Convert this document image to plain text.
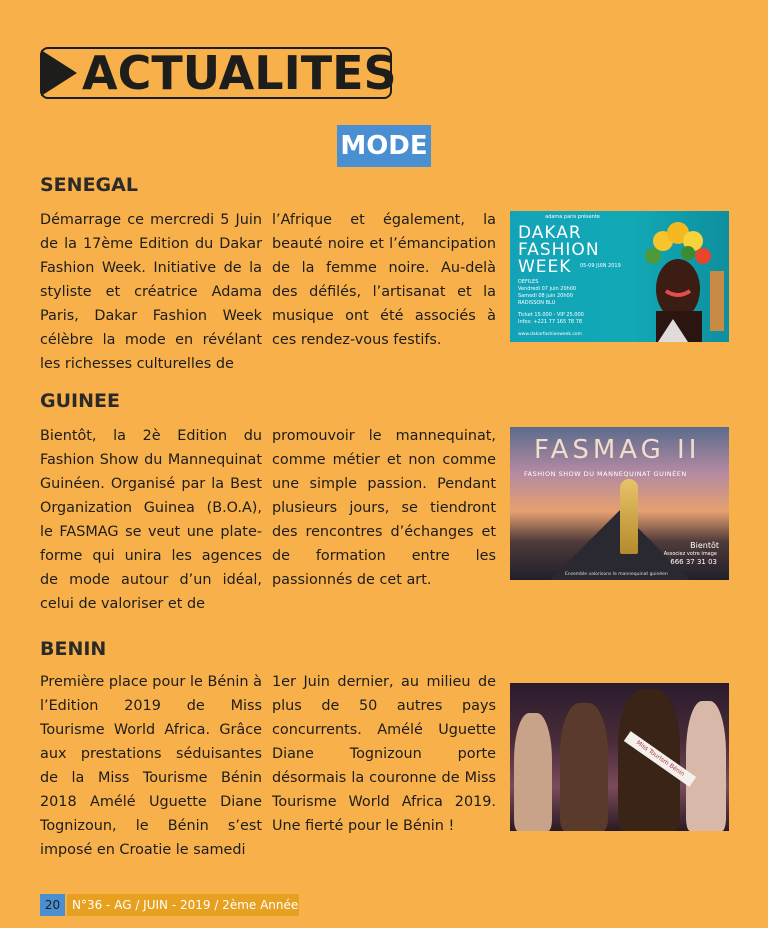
ACTUALITES
MODE
SENEGAL
Démarrage ce mercredi 5 Juin de la 17ème Edition du Dakar Fashion Week. Initiative de la styliste et créatrice Adama Paris, Dakar Fashion Week célèbre la mode en révélant les richesses culturelles de
l’Afrique et également, la beauté noire et l’émancipation de la femme noire. Au-delà des défilés, l’artisanat et la musique ont été associés à ces rendez-vous festifs.
adama paris présente
DAKAR
FASHION
WEEK	05-09 JUIN 2019
DEFILES
Vendredi 07 juin 20h00
Samedi 08 juin 20h00
RADISSON BLU
Ticket 15.000 - VIP 25.000
Infos: +221 77 165 78 78
www.dakarfashionweek.com
GUINEE
Bientôt, la 2è Edition du Fashion Show du Mannequinat Guinéen. Organisé par la Best Organization Guinea (B.O.A), le FASMAG se veut une plate-forme qui unira les agences de mode autour d’un idéal, celui de valoriser et de
promouvoir le mannequinat, comme métier et non comme une simple passion. Pendant plusieurs jours, se tiendront des rencontres d’échanges et de formation entre les passionnés de cet art.
FASMAG II
FASHION SHOW DU MANNEQUINAT GUINÉEN
Bientôt
Associez votre image
666 37 31 03
Ensemble valorisons le mannequinat guinéen
BENIN
Première place pour le Bénin à l’Edition 2019 de Miss Tourisme World Africa. Grâce aux prestations séduisantes de la Miss Tourisme Bénin 2018 Amélé Uguette Diane Tognizoun, le Bénin s’est imposé en Croatie le samedi
1er Juin dernier, au milieu de plus de 50 autres pays concurrents. Amélé Uguette Diane Tognizoun porte désormais la couronne de Miss Tourisme World Africa 2019. Une fierté pour le Bénin !
Miss Tourism Bénin
20 N°36 - AG / JUIN - 2019 / 2ème Année
